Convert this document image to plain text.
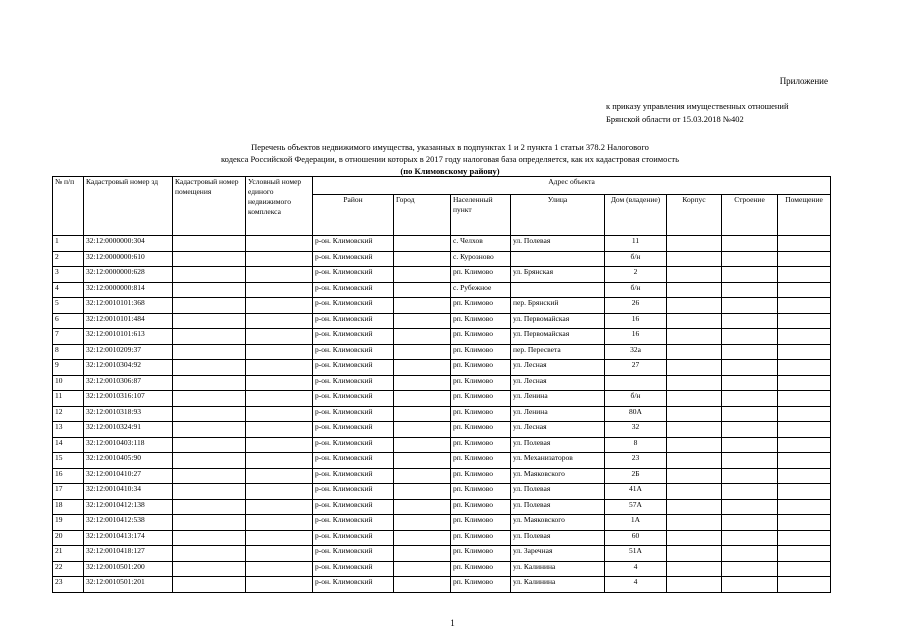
Приложение
к приказу управления имущественных отношений
Брянской области от 15.03.2018 №402
Перечень объектов недвижимого имущества, указанных в подпунктах 1 и 2 пункта 1 статьи 378.2 Налогового
кодекса Российской Федерации, в отношении которых в 2017 году налоговая база определяется, как их кадастровая стоимость
(по Климовскому району)
№ п/п	Кадастровый номер зд	Кадастровый номер помещения	Условный номер единого недвижимого комплекса	Адрес объекта							
				Район	Город	Населенный пункт	Улица	Дом (владение)	Корпус	Строение	Помещение
1	32:12:0000000:304			р-он. Климовский		с. Челхов	ул. Полевая	11			
2	32:12:0000000:610			р-он. Климовский		с. Курозново		б/н			
3	32:12:0000000:628			р-он. Климовский		рп. Климово	ул. Брянская	2			
4	32:12:0000000:814			р-он. Климовский		с. Рубежное		б/н			
5	32:12:0010101:368			р-он. Климовский		рп. Климово	пер. Брянский	26			
6	32:12:0010101:484			р-он. Климовский		рп. Климово	ул. Первомайская	16			
7	32:12:0010101:613			р-он. Климовский		рп. Климово	ул. Первомайская	16			
8	32:12:0010209:37			р-он. Климовский		рп. Климово	пер. Пересвета	32а			
9	32:12:0010304:92			р-он. Климовский		рп. Климово	ул. Лесная	27			
10	32:12:0010306:87			р-он. Климовский		рп. Климово	ул. Лесная				
11	32:12:0010316:107			р-он. Климовский		рп. Климово	ул. Ленина	б/н			
12	32:12:0010318:93			р-он. Климовский		рп. Климово	ул. Ленина	80А			
13	32:12:0010324:91			р-он. Климовский		рп. Климово	ул. Лесная	32			
14	32:12:0010403:118			р-он. Климовский		рп. Климово	ул. Полевая	8			
15	32:12:0010405:90			р-он. Климовский		рп. Климово	ул. Механизаторов	23			
16	32:12:0010410:27			р-он. Климовский		рп. Климово	ул. Маяковского	2Б			
17	32:12:0010410:34			р-он. Климовский		рп. Климово	ул. Полевая	41А			
18	32:12:0010412:138			р-он. Климовский		рп. Климово	ул. Полевая	57А			
19	32:12:0010412:538			р-он. Климовский		рп. Климово	ул. Маяковского	1А			
20	32:12:0010413:174			р-он. Климовский		рп. Климово	ул. Полевая	60			
21	32:12:0010418:127			р-он. Климовский		рп. Климово	ул. Заречная	51А			
22	32:12:0010501:200			р-он. Климовский		рп. Климово	ул. Калинина	4			
23	32:12:0010501:201			р-он. Климовский		рп. Климово	ул. Калинина	4			
1
